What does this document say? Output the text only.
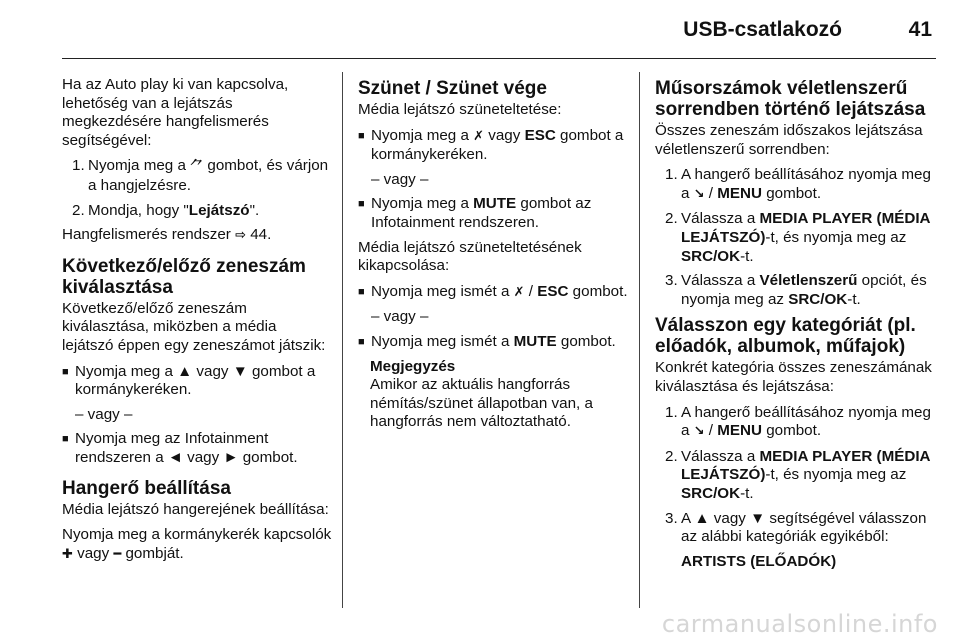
USB-csatlakozó	41

Ha az Auto play ki van kapcsolva, lehetőség van a lejátszás megkezdésére hangfelismerés segítségével:

1. Nyomja meg a ⺈ gombot, és várjon a hangjelzésre.
2. Mondja, hogy "Lejátszó".

Hangfelismerés rendszer ⇨ 44.

Következő/előző zeneszám kiválasztása

Következő/előző zeneszám kiválasztása, miközben a média lejátszó éppen egy zeneszámot játszik:

■ Nyomja meg a ▲ vagy ▼ gombot a kormánykeréken.
– vagy –
■ Nyomja meg az Infotainment rendszeren a ◄ vagy ► gombot.
Hangerő beállítása

Média lejátszó hangerejének beállítása:

Nyomja meg a kormánykerék kapcsolók ✚ vagy ━ gombját.

Szünet / Szünet vége

Média lejátszó szüneteltetése:

■ Nyomja meg a ✗ vagy ESC gombot a kormánykeréken.
– vagy –
■ Nyomja meg a MUTE gombot az Infotainment rendszeren.

Média lejátszó szüneteltetésének kikapcsolása:

■ Nyomja meg ismét a ✗ / ESC gombot.
– vagy –
■ Nyomja meg ismét a MUTE gombot.

Megjegyzés

Amikor az aktuális hangforrás némítás/szünet állapotban van, a hangforrás nem változtatható.

Műsorszámok véletlenszerű sorrendben történő lejátszása

Összes zeneszám időszakos lejátszása véletlenszerű sorrendben:

1. A hangerő beállításához nyomja meg a ↘ / MENU gombot.
2. Válassza a MEDIA PLAYER (MÉDIA LEJÁTSZÓ)-t, és nyomja meg az SRC/OK-t.
3. Válassza a Véletlenszerű opciót, és nyomja meg az SRC/OK-t.
Válasszon egy kategóriát (pl. előadók, albumok, műfajok)

Konkrét kategória összes zeneszámának kiválasztása és lejátszása:

1. A hangerő beállításához nyomja meg a ↘ / MENU gombot.
2. Válassza a MEDIA PLAYER (MÉDIA LEJÁTSZÓ)-t, és nyomja meg az SRC/OK-t.
3. A ▲ vagy ▼ segítségével válasszon az alábbi kategóriák egyikéből:
ARTISTS (ELŐADÓK)
carmanualsonline.info
